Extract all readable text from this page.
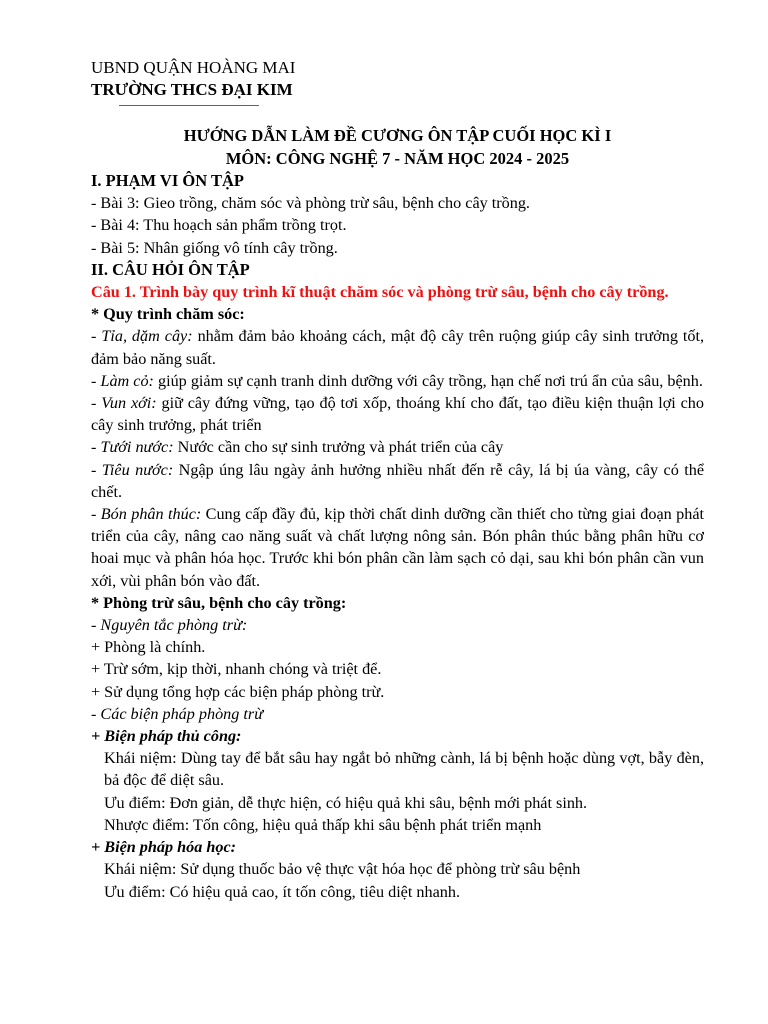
UBND QUẬN HOÀNG MAI
TRƯỜNG THCS ĐẠI KIM
HƯỚNG DẪN LÀM ĐỀ CƯƠNG ÔN TẬP CUỐI HỌC KÌ I
MÔN: CÔNG NGHỆ 7 - NĂM HỌC 2024 - 2025

I. PHẠM VI ÔN TẬP

- Bài 3: Gieo trồng, chăm sóc và phòng trừ sâu, bệnh cho cây trồng.

- Bài 4: Thu hoạch sản phẩm trồng trọt.

- Bài 5: Nhân giống vô tính cây trồng.

II. CÂU HỎI ÔN TẬP

Câu 1. Trình bày quy trình kĩ thuật chăm sóc và phòng trừ sâu, bệnh cho cây trồng.

* Quy trình chăm sóc:

- Tỉa, dặm cây: nhằm đảm bảo khoảng cách, mật độ cây trên ruộng giúp cây sinh trưởng tốt, đảm bảo năng suất.

- Làm cỏ: giúp giảm sự cạnh tranh dinh dưỡng với cây trồng, hạn chế nơi trú ẩn của sâu, bệnh.

- Vun xới: giữ cây đứng vững, tạo độ tơi xốp, thoáng khí cho đất, tạo điều kiện thuận lợi cho cây sinh trưởng, phát triển

- Tưới nước: Nước cần cho sự sinh trưởng và phát triển của cây

- Tiêu nước: Ngập úng lâu ngày ảnh hưởng nhiều nhất đến rễ cây, lá bị úa vàng, cây có thể chết.

- Bón phân thúc: Cung cấp đầy đủ, kịp thời chất dinh dưỡng cần thiết cho từng giai đoạn phát triển của cây, nâng cao năng suất và chất lượng nông sản. Bón phân thúc bằng phân hữu cơ hoai mục và phân hóa học. Trước khi bón phân cần làm sạch cỏ dại, sau khi bón phân cần vun xới, vùi phân bón vào đất.

* Phòng trừ sâu, bệnh cho cây trồng:

- Nguyên tắc phòng trừ:

+ Phòng là chính.

+ Trừ sớm, kịp thời, nhanh chóng và triệt để.

+ Sử dụng tổng hợp các biện pháp phòng trừ.

- Các biện pháp phòng trừ

+ Biện pháp thủ công:

Khái niệm: Dùng tay để bắt sâu hay ngắt bỏ những cành, lá bị bệnh hoặc dùng vợt, bẫy đèn, bả độc để diệt sâu.

Ưu điểm: Đơn giản, dễ thực hiện, có hiệu quả khi sâu, bệnh mới phát sinh.

Nhược điểm: Tốn công, hiệu quả thấp khi sâu bệnh phát triển mạnh

+ Biện pháp hóa học:

Khái niệm: Sử dụng thuốc bảo vệ thực vật hóa học để phòng trừ sâu bệnh

Ưu điểm: Có hiệu quả cao, ít tốn công, tiêu diệt nhanh.
